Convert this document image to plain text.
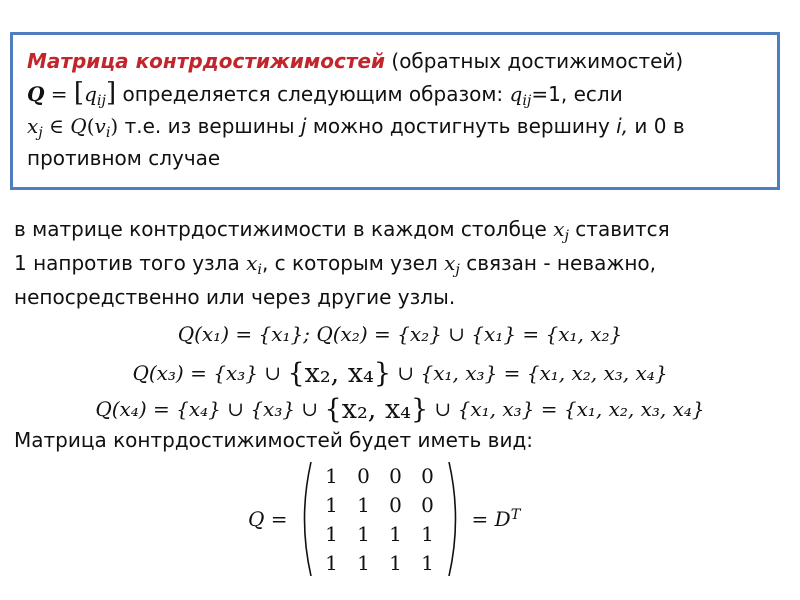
Матрица контрдостижимостей (обратных достижимостей)
$Q = [q_{ij}]$ определяется следующим образом: $q_{ij}=1$, если
$x_j$ ∈ $Q(v_i)$ т.е. из вершины j можно достигнуть вершину i, и 0 в
противном случае
в матрице контрдостижимости в каждом столбце $x_j$ ставится
1 напротив того узла $x_i$, с которым узел $x_j$ связан - неважно,
непосредственно или через другие узлы.
Q(x₁) = {x₁}; Q(x₂) = {x₂} ∪ {x₁} = {x₁, x₂}
Q(x₃) = {x₃} ∪ {x₂, x₄} ∪ {x₁, x₃} = {x₁, x₂, x₃, x₄}
Q(x₄) = {x₄} ∪ {x₃} ∪ {x₂, x₄} ∪ {x₁, x₃} = {x₁, x₂, x₃, x₄}
Матрица контрдостижимостей будет иметь вид:
Q =
1 0 0 0
1 1 0 0
1 1 1 1
1 1 1 1
= $D^T$
